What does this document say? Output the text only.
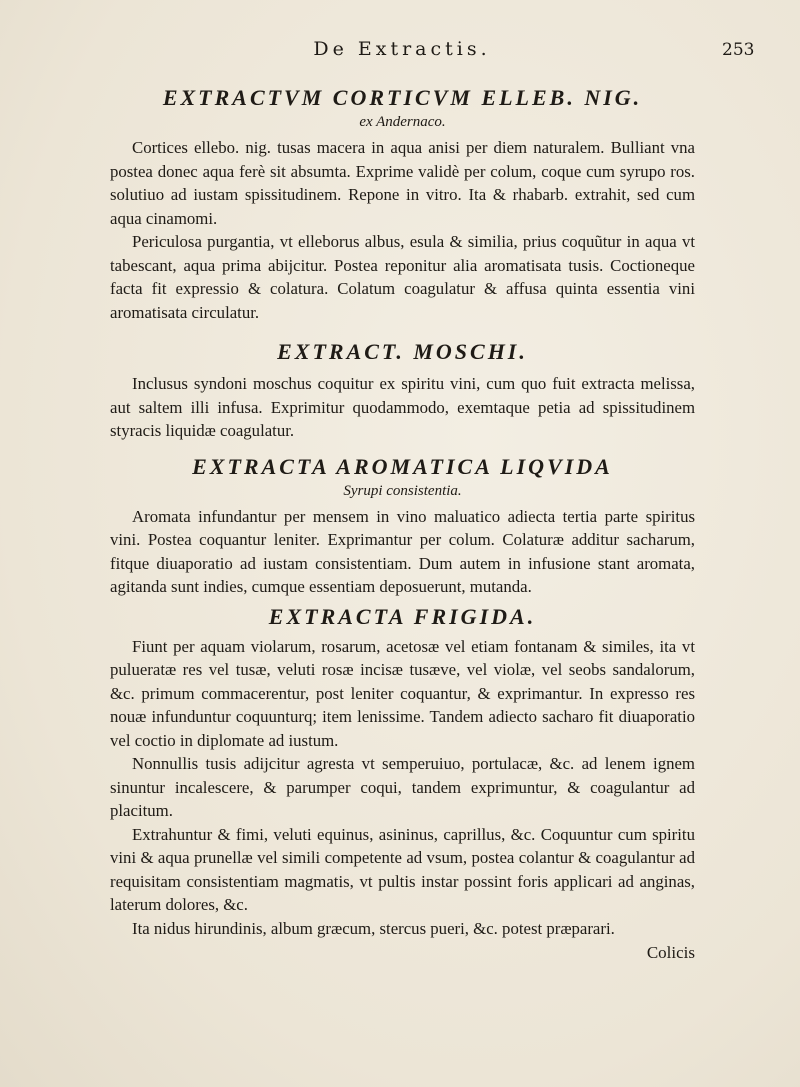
De Extractis.	253
EXTRACTVM CORTICVM ELLEB. NIG.
ex Andernaco.

Cortices ellebo. nig. tusas macera in aqua anisi per diem naturalem. Bulliant vna postea donec aqua ferè sit absumta. Exprime validè per colum, coque cum syrupo ros. solutiuo ad iustam spissitudinem. Repone in vitro. Ita & rhabarb. extrahit, sed cum aqua cinamomi.

Periculosa purgantia, vt elleborus albus, esula & similia, prius coquũtur in aqua vt tabescant, aqua prima abijcitur. Postea reponitur alia aromatisata tusis. Coctioneque facta fit expressio & colatura. Colatum coagulatur & affusa quinta essentia vini aromatisata circulatur.

EXTRACT. MOSCHI.

Inclusus syndoni moschus coquitur ex spiritu vini, cum quo fuit extracta melissa, aut saltem illi infusa. Exprimitur quodammodo, exemtaque petia ad spissitudinem styracis liquidæ coagulatur.

EXTRACTA AROMATICA LIQVIDA
Syrupi consistentia.

Aromata infundantur per mensem in vino maluatico adiecta tertia parte spiritus vini. Postea coquantur leniter. Exprimantur per colum. Colaturæ additur sacharum, fitque diuaporatio ad iustam consistentiam. Dum autem in infusione stant aromata, agitanda sunt indies, cumque essentiam deposuerunt, mutanda.

EXTRACTA FRIGIDA.

Fiunt per aquam violarum, rosarum, acetosæ vel etiam fontanam & similes, ita vt pulueratæ res vel tusæ, veluti rosæ incisæ tusæve, vel violæ, vel seobs sandalorum, &c. primum commacerentur, post leniter coquantur, & exprimantur. In expresso res nouæ infunduntur coquunturq; item lenissime. Tandem adiecto sacharo fit diuaporatio vel coctio in diplomate ad iustum.

Nonnullis tusis adijcitur agresta vt semperuiuo, portulacæ, &c. ad lenem ignem sinuntur incalescere, & parumper coqui, tandem exprimuntur, & coagulantur ad placitum.

Extrahuntur & fimi, veluti equinus, asininus, caprillus, &c. Coquuntur cum spiritu vini & aqua prunellæ vel simili competente ad vsum, postea colantur & coagulantur ad requisitam consistentiam magmatis, vt pultis instar possint foris applicari ad anginas, laterum dolores, &c.

Ita nidus hirundinis, album græcum, stercus pueri, &c. potest præparari.

Colicis
